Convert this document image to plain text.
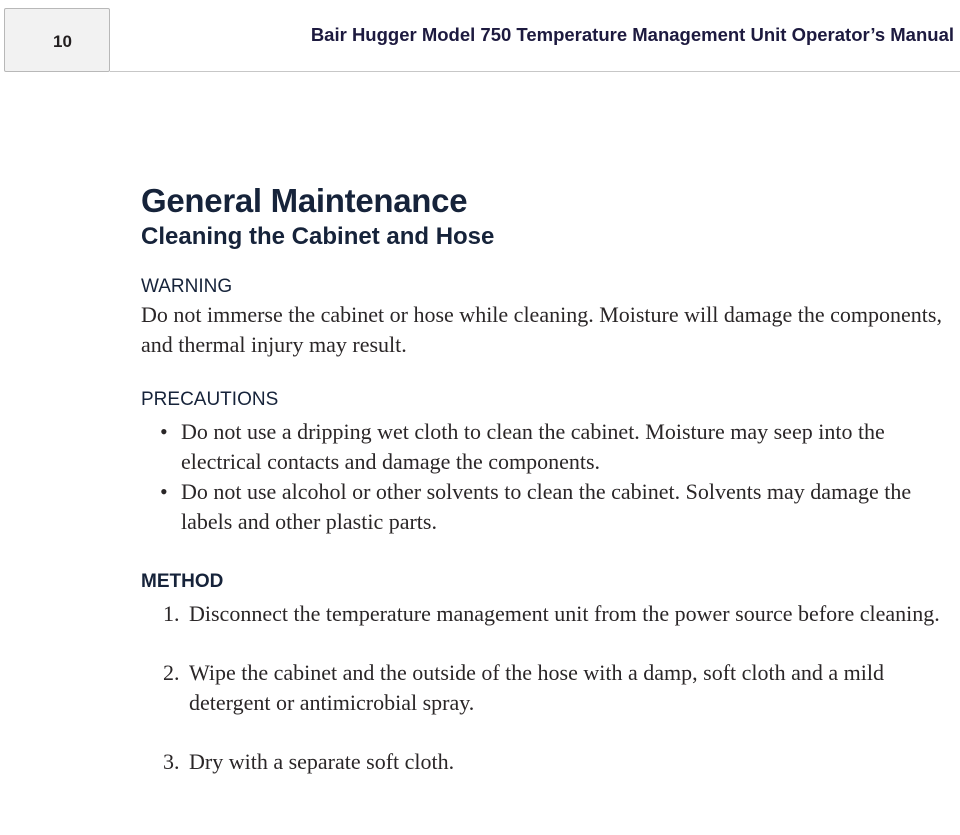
10	Bair Hugger Model 750 Temperature Management Unit Operator’s Manual
General Maintenance
Cleaning the Cabinet and Hose

WARNING

Do not immerse the cabinet or hose while cleaning. Moisture will damage the components, and thermal injury may result.

PRECAUTIONS

• Do not use a dripping wet cloth to clean the cabinet. Moisture may seep into the electrical contacts and damage the components.
• Do not use alcohol or other solvents to clean the cabinet. Solvents may damage the labels and other plastic parts.

METHOD

1. Disconnect the temperature management unit from the power source before cleaning.
2. Wipe the cabinet and the outside of the hose with a damp, soft cloth and a mild detergent or antimicrobial spray.
3. Dry with a separate soft cloth.
